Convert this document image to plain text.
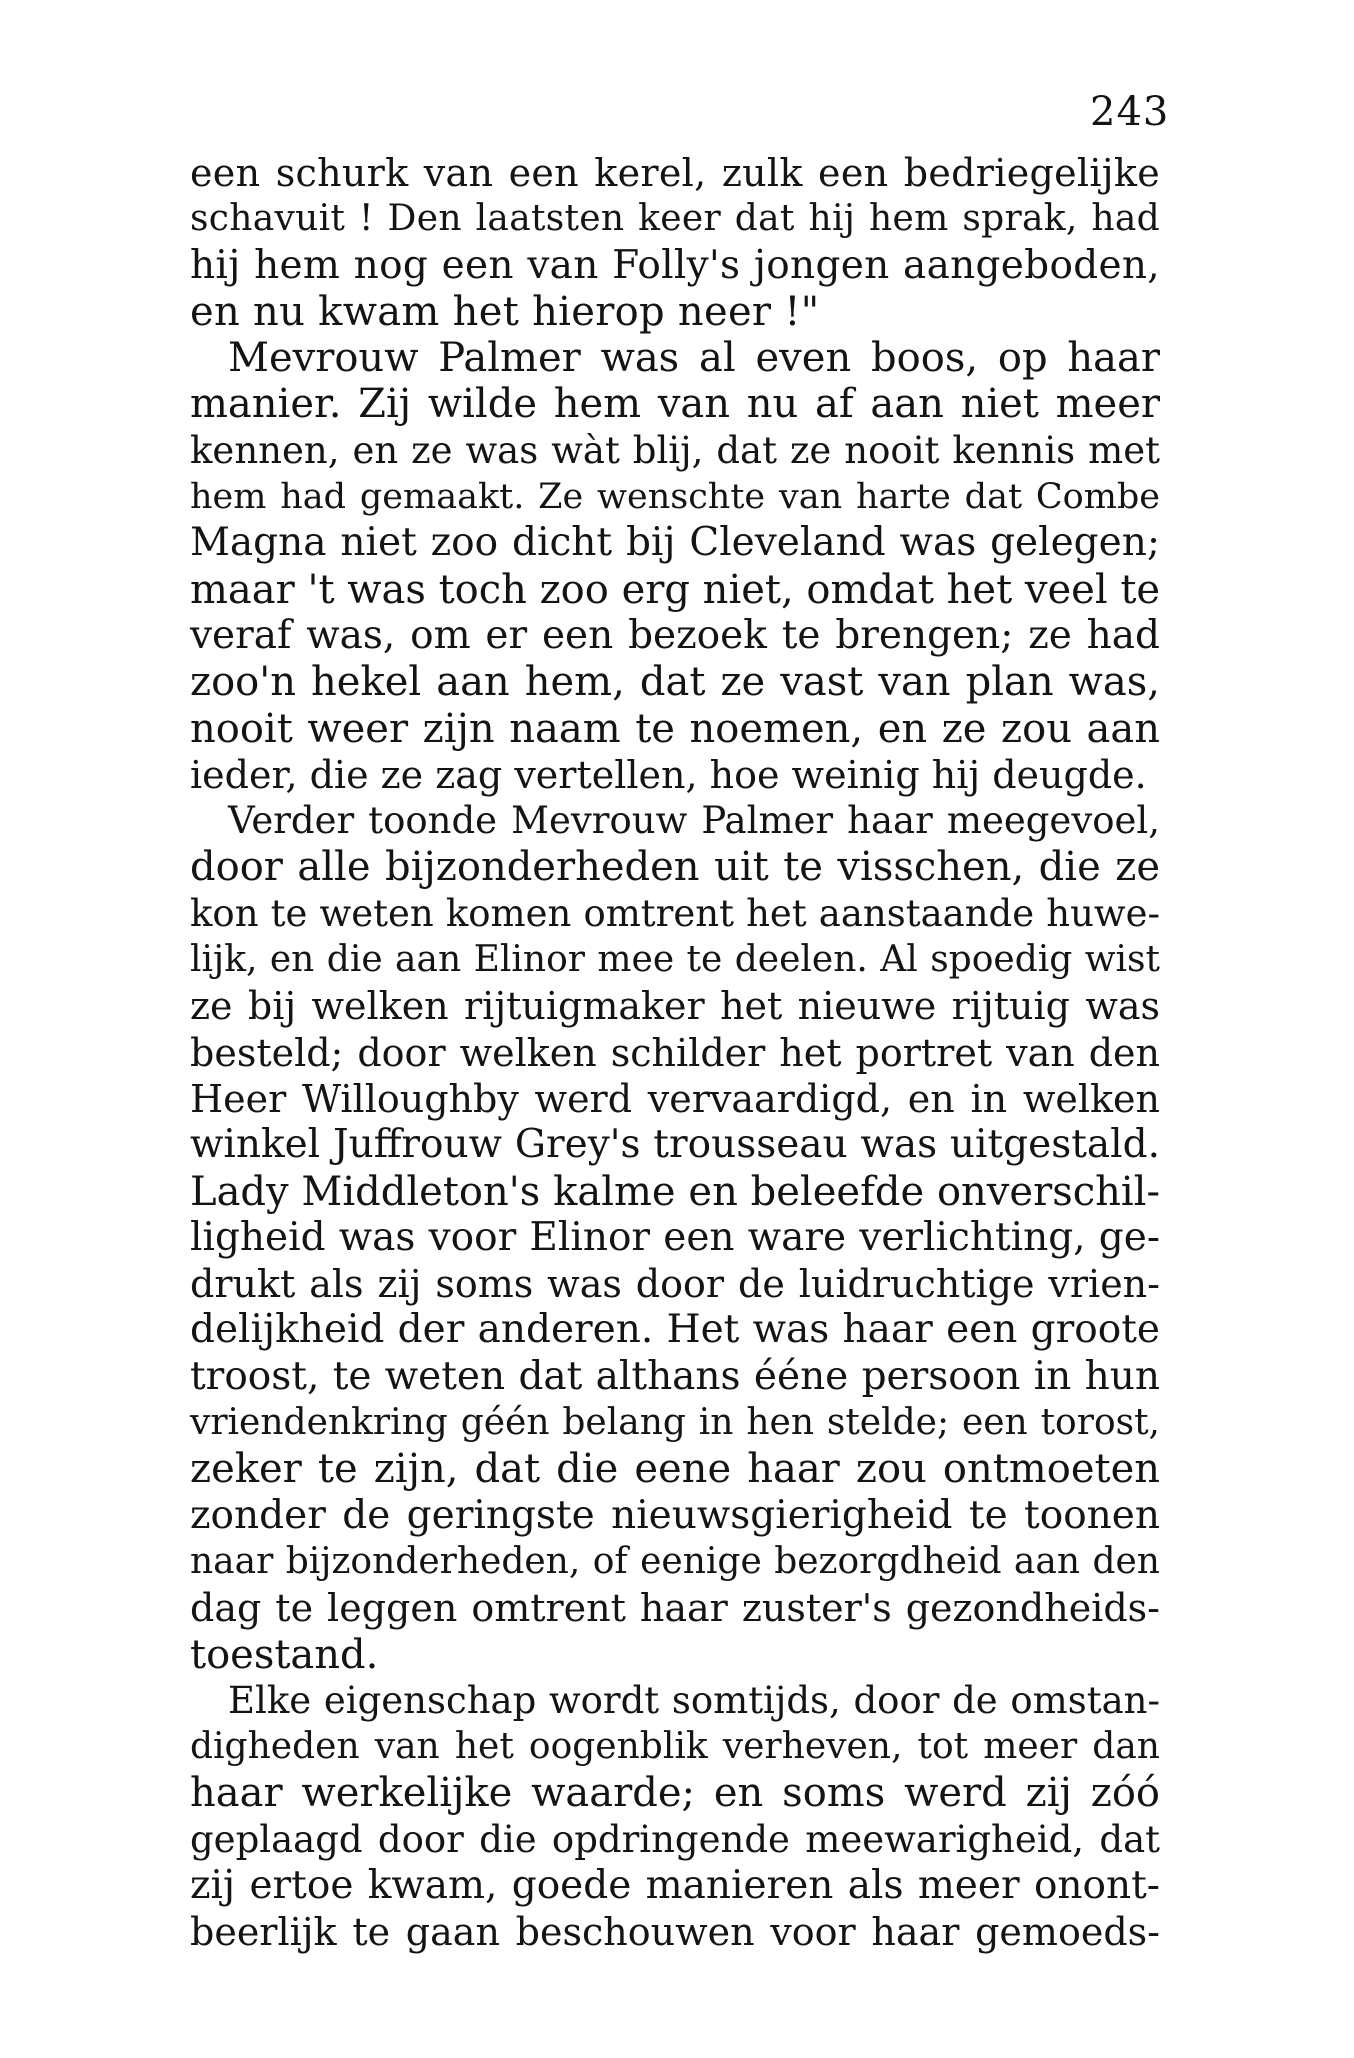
243
een schurk van een kerel, zulk een bedriegelijke
schavuit ! Den laatsten keer dat hij hem sprak, had
hij hem nog een van Folly's jongen aangeboden,
en nu kwam het hierop neer !"
Mevrouw Palmer was al even boos, op haar
manier. Zij wilde hem van nu af aan niet meer
kennen, en ze was wàt blij, dat ze nooit kennis met
hem had gemaakt. Ze wenschte van harte dat Combe
Magna niet zoo dicht bij Cleveland was gelegen;
maar 't was toch zoo erg niet, omdat het veel te
veraf was, om er een bezoek te brengen; ze had
zoo'n hekel aan hem, dat ze vast van plan was,
nooit weer zijn naam te noemen, en ze zou aan
ieder, die ze zag vertellen, hoe weinig hij deugde.
Verder toonde Mevrouw Palmer haar meegevoel,
door alle bijzonderheden uit te visschen, die ze
kon te weten komen omtrent het aanstaande huwe-
lijk, en die aan Elinor mee te deelen. Al spoedig wist
ze bij welken rijtuigmaker het nieuwe rijtuig was
besteld; door welken schilder het portret van den
Heer Willoughby werd vervaardigd, en in welken
winkel Juffrouw Grey's trousseau was uitgestald.
Lady Middleton's kalme en beleefde onverschil-
ligheid was voor Elinor een ware verlichting, ge-
drukt als zij soms was door de luidruchtige vrien-
delijkheid der anderen. Het was haar een groote
troost, te weten dat althans ééne persoon in hun
vriendenkring géén belang in hen stelde; een torost,
zeker te zijn, dat die eene haar zou ontmoeten
zonder de geringste nieuwsgierigheid te toonen
naar bijzonderheden, of eenige bezorgdheid aan den
dag te leggen omtrent haar zuster's gezondheids-
toestand.
Elke eigenschap wordt somtijds, door de omstan-
digheden van het oogenblik verheven, tot meer dan
haar werkelijke waarde; en soms werd zij zóó
geplaagd door die opdringende meewarigheid, dat
zij ertoe kwam, goede manieren als meer onont-
beerlijk te gaan beschouwen voor haar gemoeds-
